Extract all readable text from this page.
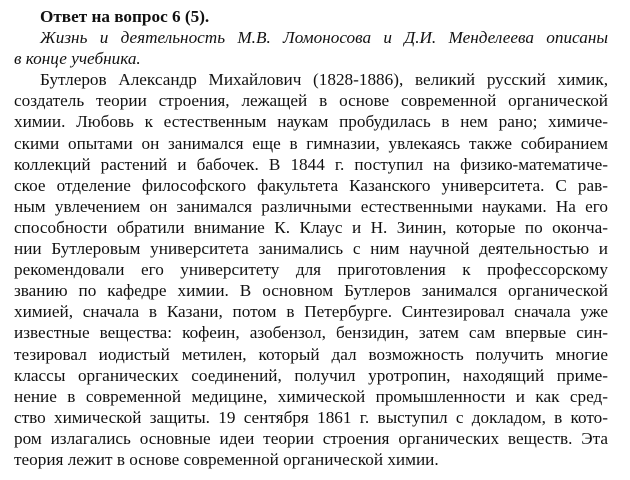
Ответ на вопрос 6 (5).
Жизнь и деятельность М.В. Ломоносова и Д.И. Менделеева описаны
в конце учебника.
Бутлеров Александр Михайлович (1828-1886), великий русский химик,
создатель теории строения, лежащей в основе современной органической
химии. Любовь к естественным наукам пробудилась в нем рано; химиче-
скими опытами он занимался еще в гимназии, увлекаясь также собиранием
коллекций растений и бабочек. В 1844 г. поступил на физико-математиче-
ское отделение философского факультета Казанского университета. С рав-
ным увлечением он занимался различными естественными науками. На его
способности обратили внимание К. Клаус и Н. Зинин, которые по оконча-
нии Бутлеровым университета занимались с ним научной деятельностью и
рекомендовали его университету для приготовления к профессорскому
званию по кафедре химии. В основном Бутлеров занимался органической
химией, сначала в Казани, потом в Петербурге. Синтезировал сначала уже
известные вещества: кофеин, азобензол, бензидин, затем сам впервые син-
тезировал иодистый метилен, который дал возможность получить многие
классы органических соединений, получил уротропин, находящий приме-
нение в современной медицине, химической промышленности и как сред-
ство химической защиты. 19 сентября 1861 г. выступил с докладом, в кото-
ром излагались основные идеи теории строения органических веществ. Эта
теория лежит в основе современной органической химии.
